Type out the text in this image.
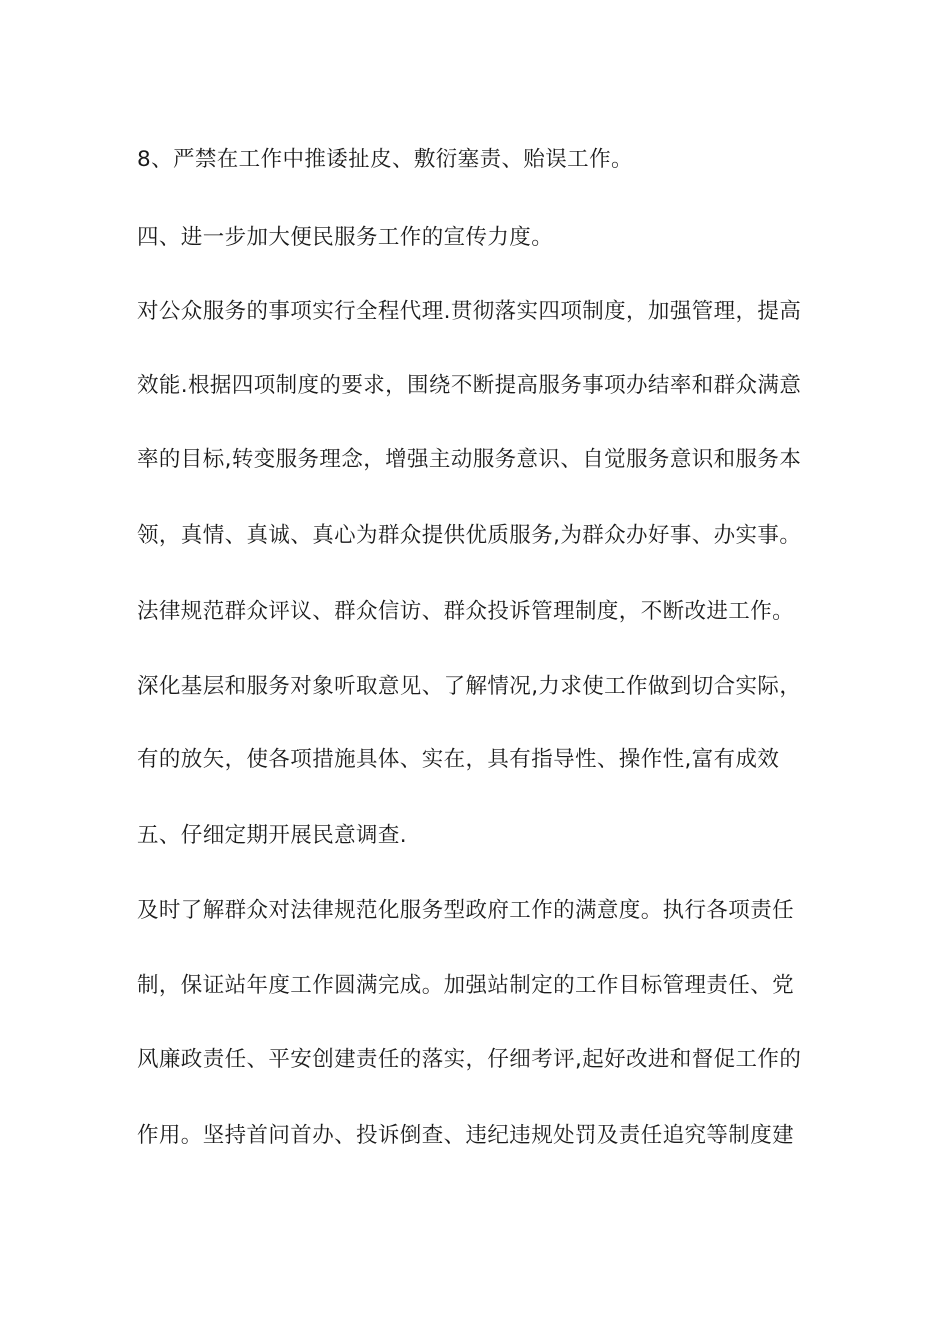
8、严禁在工作中推诿扯皮、敷衍塞责、贻误工作。
四、进一步加大便民服务工作的宣传力度。
对公众服务的事项实行全程代理.贯彻落实四项制度，加强管理，提高
效能.根据四项制度的要求，围绕不断提高服务事项办结率和群众满意
率的目标,转变服务理念，增强主动服务意识、自觉服务意识和服务本
领，真情、真诚、真心为群众提供优质服务,为群众办好事、办实事。
法律规范群众评议、群众信访、群众投诉管理制度，不断改进工作。
深化基层和服务对象听取意见、了解情况,力求使工作做到切合实际，
有的放矢，使各项措施具体、实在，具有指导性、操作性,富有成效
五、仔细定期开展民意调查.
及时了解群众对法律规范化服务型政府工作的满意度。执行各项责任
制，保证站年度工作圆满完成。加强站制定的工作目标管理责任、党
风廉政责任、平安创建责任的落实，仔细考评,起好改进和督促工作的
作用。坚持首问首办、投诉倒查、违纪违规处罚及责任追究等制度建
